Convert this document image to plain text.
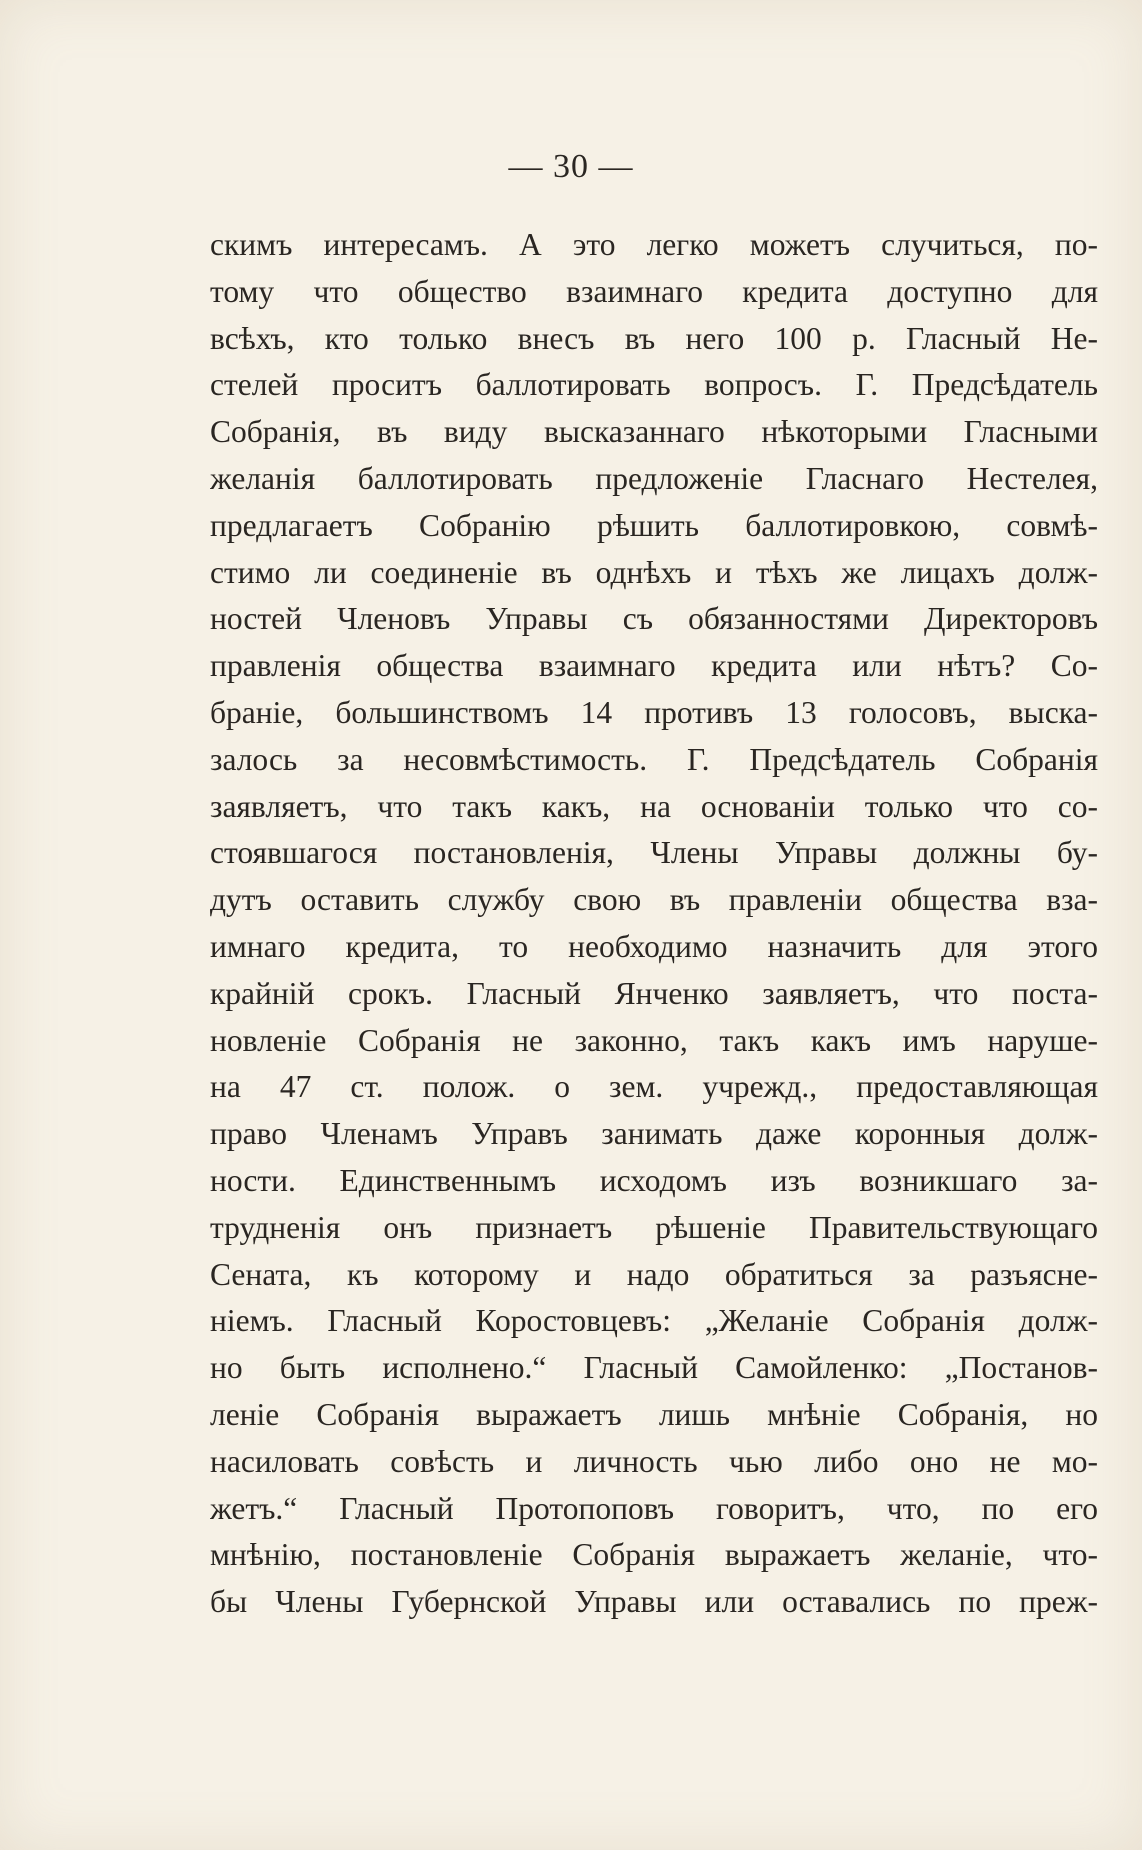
— 30 —
скимъ интересамъ. А это легко можетъ случиться, по-
тому что общество взаимнаго кредита доступно для
всѣхъ, кто только внесъ въ него 100 р. Гласный Не-
стелей проситъ баллотировать вопросъ. Г. Предсѣдатель
Собранія, въ виду высказаннаго нѣкоторыми Гласными
желанія баллотировать предложеніе Гласнаго Нестелея,
предлагаетъ Собранію рѣшить баллотировкою, совмѣ-
стимо ли соединеніе въ однѣхъ и тѣхъ же лицахъ долж-
ностей Членовъ Управы съ обязанностями Директоровъ
правленія общества взаимнаго кредита или нѣтъ? Со-
браніе, большинствомъ 14 противъ 13 голосовъ, выска-
залось за несовмѣстимость. Г. Предсѣдатель Собранія
заявляетъ, что такъ какъ, на основаніи только что со-
стоявшагося постановленія, Члены Управы должны бу-
дутъ оставить службу свою въ правленіи общества вза-
имнаго кредита, то необходимо назначить для этого
крайній срокъ. Гласный Янченко заявляетъ, что поста-
новленіе Собранія не законно, такъ какъ имъ наруше-
на 47 ст. полож. о зем. учрежд., предоставляющая
право Членамъ Управъ занимать даже коронныя долж-
ности. Единственнымъ исходомъ изъ возникшаго за-
трудненія онъ признаетъ рѣшеніе Правительствующаго
Сената, къ которому и надо обратиться за разъясне-
ніемъ. Гласный Коростовцевъ: „Желаніе Собранія долж-
но быть исполнено.“ Гласный Самойленко: „Постанов-
леніе Собранія выражаетъ лишь мнѣніе Собранія, но
насиловать совѣсть и личность чью либо оно не мо-
жетъ.“ Гласный Протопоповъ говоритъ, что, по его
мнѣнію, постановленіе Собранія выражаетъ желаніе, что-
бы Члены Губернской Управы или оставались по преж-
